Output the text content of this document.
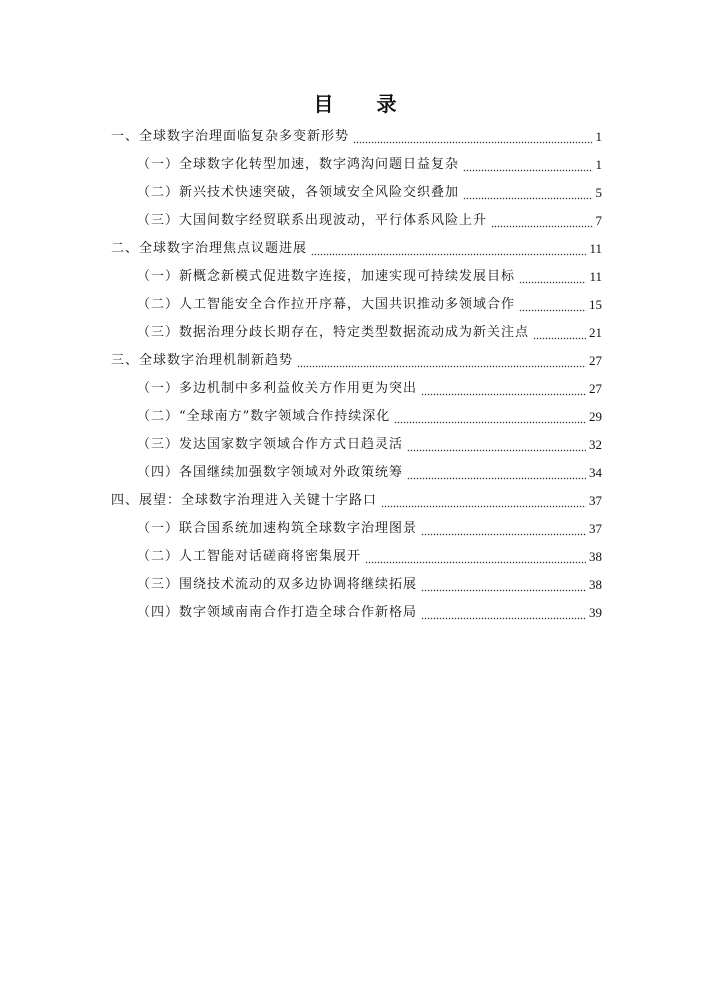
目 录
一、全球数字治理面临复杂多变新形势	1
（一）全球数字化转型加速，数字鸿沟问题日益复杂	1
（二）新兴技术快速突破，各领域安全风险交织叠加	5
（三）大国间数字经贸联系出现波动，平行体系风险上升	7
二、全球数字治理焦点议题进展	11
（一）新概念新模式促进数字连接，加速实现可持续发展目标	11
（二）人工智能安全合作拉开序幕，大国共识推动多领域合作	15
（三）数据治理分歧长期存在，特定类型数据流动成为新关注点	21
三、全球数字治理机制新趋势	27
（一）多边机制中多利益攸关方作用更为突出	27
（二）“全球南方”数字领域合作持续深化	29
（三）发达国家数字领域合作方式日趋灵活	32
（四）各国继续加强数字领域对外政策统筹	34
四、展望：全球数字治理进入关键十字路口	37
（一）联合国系统加速构筑全球数字治理图景	37
（二）人工智能对话磋商将密集展开	38
（三）围绕技术流动的双多边协调将继续拓展	38
（四）数字领域南南合作打造全球合作新格局	39
